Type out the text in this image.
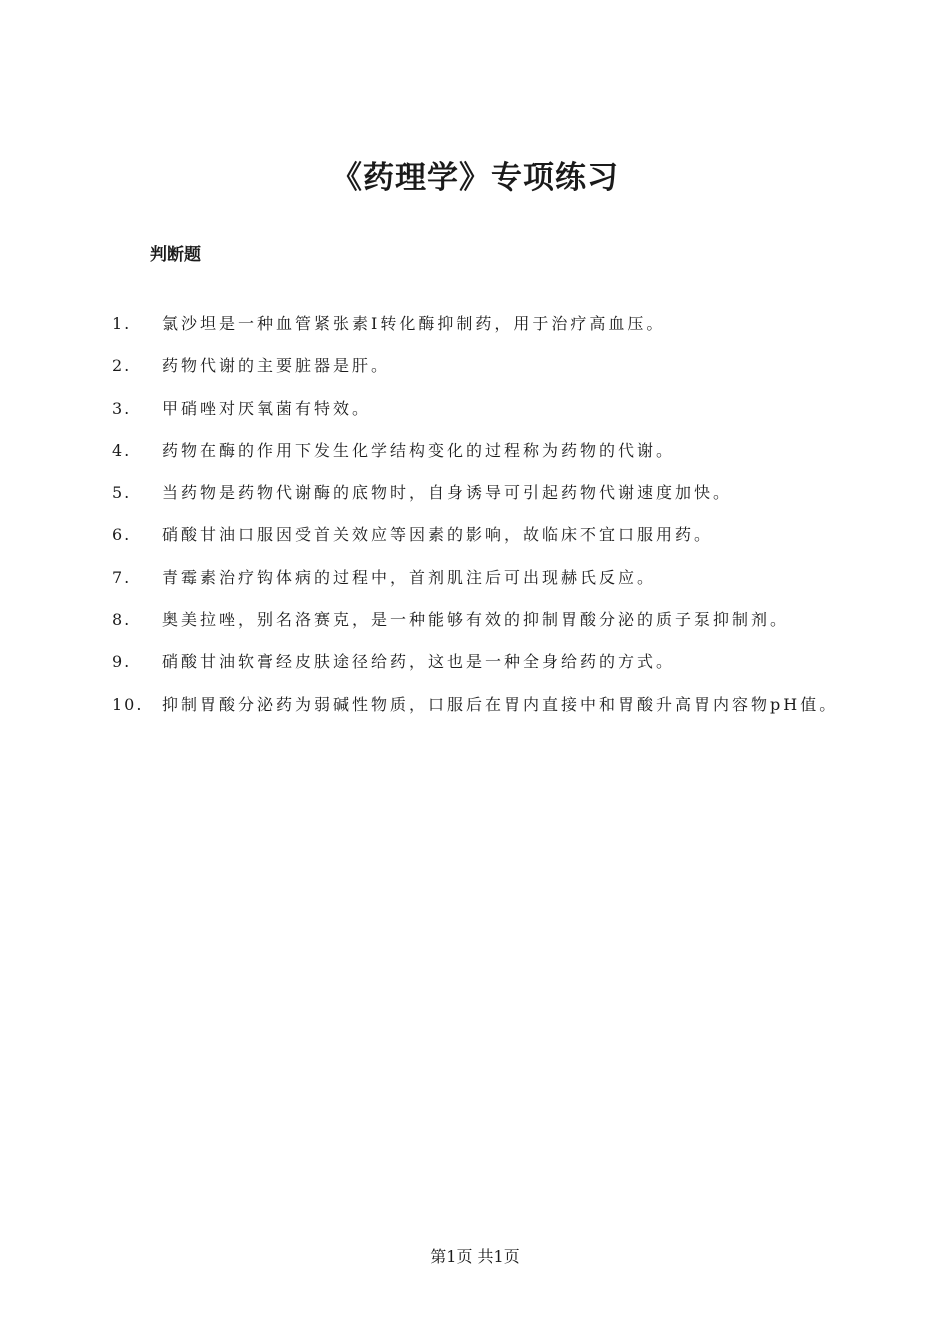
《药理学》专项练习
判断题
1.	氯沙坦是一种血管紧张素Ⅰ转化酶抑制药，用于治疗高血压。
2.	药物代谢的主要脏器是肝。
3.	甲硝唑对厌氧菌有特效。
4.	药物在酶的作用下发生化学结构变化的过程称为药物的代谢。
5.	当药物是药物代谢酶的底物时，自身诱导可引起药物代谢速度加快。
6.	硝酸甘油口服因受首关效应等因素的影响，故临床不宜口服用药。
7.	青霉素治疗钩体病的过程中，首剂肌注后可出现赫氏反应。
8.	奥美拉唑，别名洛赛克，是一种能够有效的抑制胃酸分泌的质子泵抑制剂。
9.	硝酸甘油软膏经皮肤途径给药，这也是一种全身给药的方式。
10.	抑制胃酸分泌药为弱碱性物质，口服后在胃内直接中和胃酸升高胃内容物pH值。
第1页 共1页
